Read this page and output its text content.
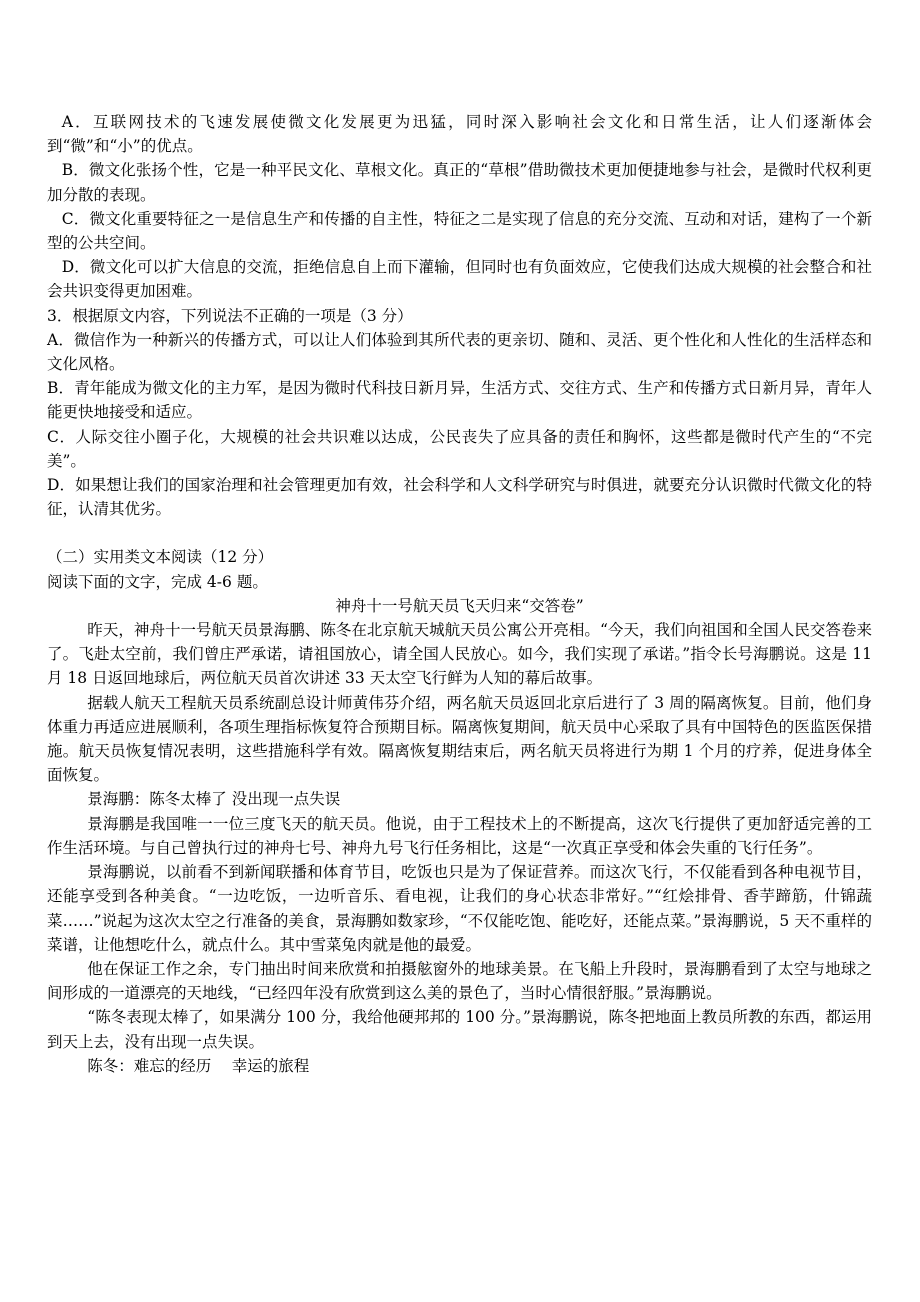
A．互联网技术的飞速发展使微文化发展更为迅猛，同时深入影响社会文化和日常生活，让人们逐渐体会到“微”和“小”的优点。

B．微文化张扬个性，它是一种平民文化、草根文化。真正的“草根”借助微技术更加便捷地参与社会，是微时代权利更加分散的表现。

C．微文化重要特征之一是信息生产和传播的自主性，特征之二是实现了信息的充分交流、互动和对话，建构了一个新型的公共空间。

D．微文化可以扩大信息的交流，拒绝信息自上而下灌输，但同时也有负面效应，它使我们达成大规模的社会整合和社会共识变得更加困难。

3．根据原文内容，下列说法不正确的一项是（3 分）

A．微信作为一种新兴的传播方式，可以让人们体验到其所代表的更亲切、随和、灵活、更个性化和人性化的生活样态和文化风格。

B．青年能成为微文化的主力军，是因为微时代科技日新月异，生活方式、交往方式、生产和传播方式日新月异，青年人能更快地接受和适应。

C．人际交往小圈子化，大规模的社会共识难以达成，公民丧失了应具备的责任和胸怀，这些都是微时代产生的“不完美”。

D．如果想让我们的国家治理和社会管理更加有效，社会科学和人文科学研究与时俱进，就要充分认识微时代微文化的特征，认清其优劣。

（二）实用类文本阅读（12 分）

阅读下面的文字，完成 4-6 题。

神舟十一号航天员飞天归来“交答卷”

昨天，神舟十一号航天员景海鹏、陈冬在北京航天城航天员公寓公开亮相。“今天，我们向祖国和全国人民交答卷来了。飞赴太空前，我们曾庄严承诺，请祖国放心，请全国人民放心。如今，我们实现了承诺。”指令长号海鹏说。这是 11 月 18 日返回地球后，两位航天员首次讲述 33 天太空飞行鲜为人知的幕后故事。

据载人航天工程航天员系统副总设计师黄伟芬介绍，两名航天员返回北京后进行了 3 周的隔离恢复。目前，他们身体重力再适应进展顺利，各项生理指标恢复符合预期目标。隔离恢复期间，航天员中心采取了具有中国特色的医监医保措施。航天员恢复情况表明，这些措施科学有效。隔离恢复期结束后，两名航天员将进行为期 1 个月的疗养，促进身体全面恢复。

景海鹏：陈冬太棒了 没出现一点失误

景海鹏是我国唯一一位三度飞天的航天员。他说，由于工程技术上的不断提高，这次飞行提供了更加舒适完善的工作生活环境。与自己曾执行过的神舟七号、神舟九号飞行任务相比，这是“一次真正享受和体会失重的飞行任务”。

景海鹏说，以前看不到新闻联播和体育节目，吃饭也只是为了保证营养。而这次飞行，不仅能看到各种电视节目，还能享受到各种美食。“一边吃饭，一边听音乐、看电视，让我们的身心状态非常好。”“红烩排骨、香芋蹄筋，什锦蔬菜……”说起为这次太空之行准备的美食，景海鹏如数家珍，“不仅能吃饱、能吃好，还能点菜。”景海鹏说，5 天不重样的菜谱，让他想吃什么，就点什么。其中雪菜兔肉就是他的最爱。

他在保证工作之余，专门抽出时间来欣赏和拍摄舷窗外的地球美景。在飞船上升段时，景海鹏看到了太空与地球之间形成的一道漂亮的天地线，“已经四年没有欣赏到这么美的景色了，当时心情很舒服。”景海鹏说。

“陈冬表现太棒了，如果满分 100 分，我给他硬邦邦的 100 分。”景海鹏说，陈冬把地面上教员所教的东西，都运用到天上去，没有出现一点失误。

陈冬：难忘的经历　 幸运的旅程
